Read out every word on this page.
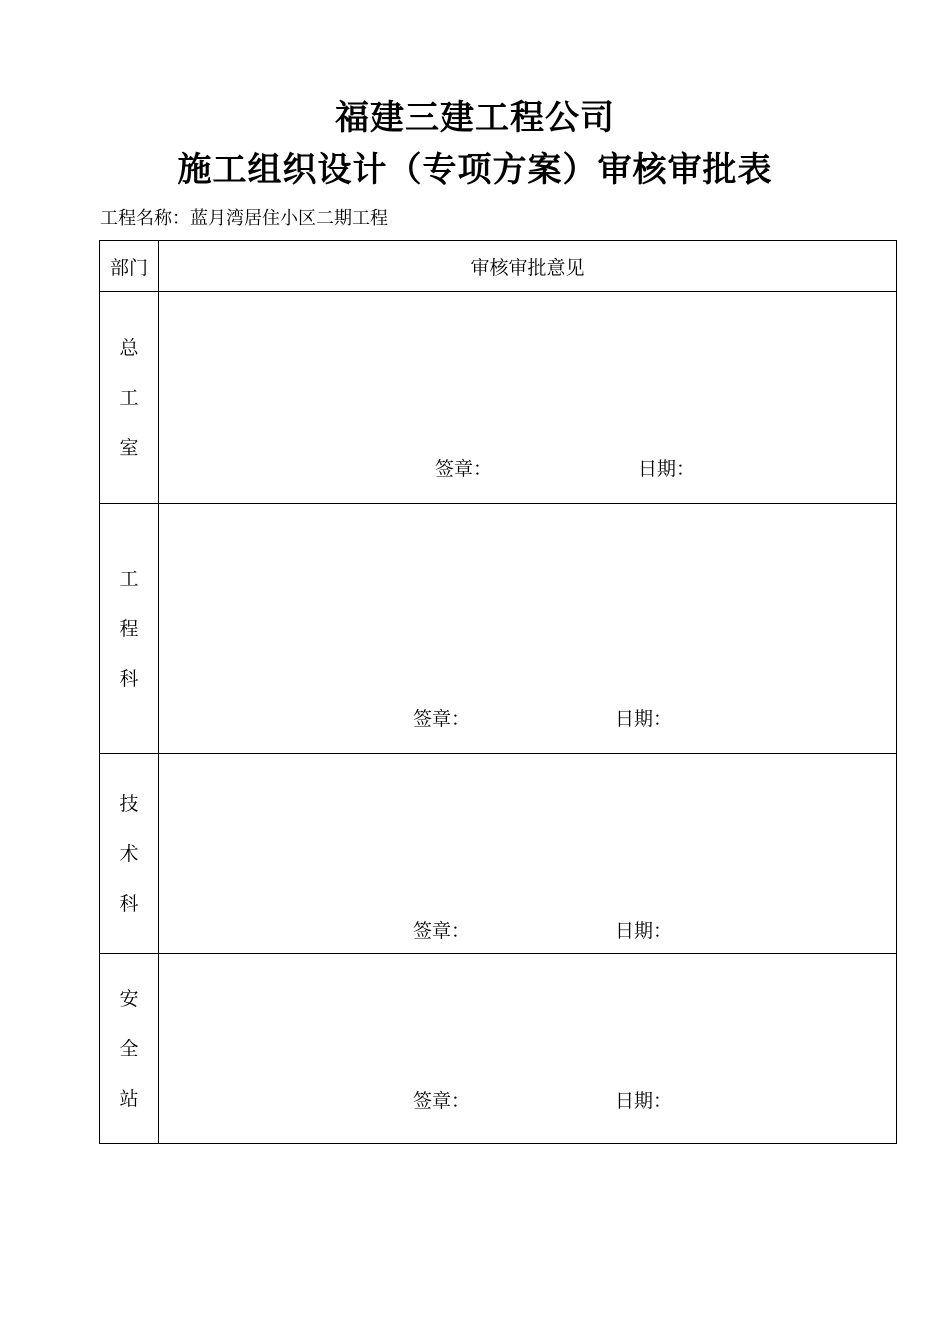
福建三建工程公司
施工组织设计（专项方案）审核审批表
工程名称：蓝月湾居住小区二期工程
部门	审核审批意见

总
工
室	签章： 日期：

工
程
科	签章： 日期：

技
术
科	签章： 日期：

安
全
站	签章： 日期：
